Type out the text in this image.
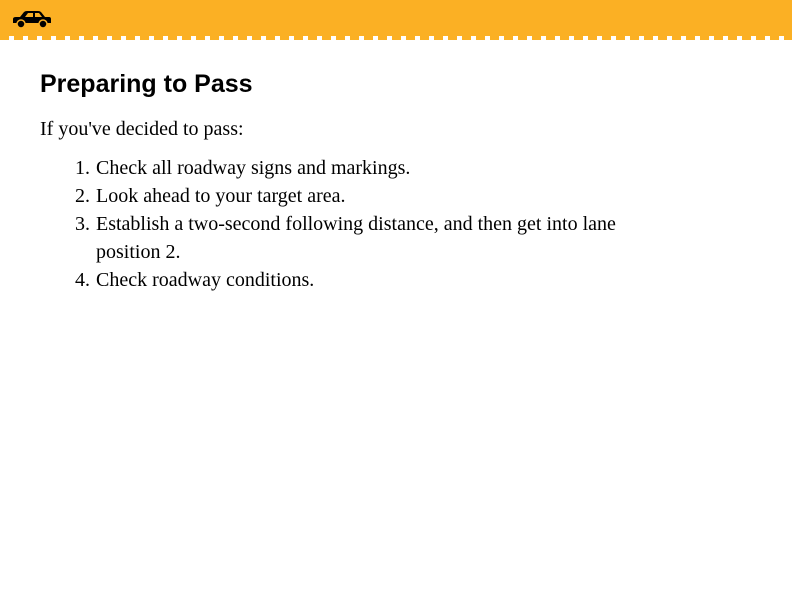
Preparing to Pass

If you've decided to pass:

1. Check all roadway signs and markings.
2. Look ahead to your target area.
3. Establish a two-second following distance, and then get into lane position 2.
4. Check roadway conditions.
